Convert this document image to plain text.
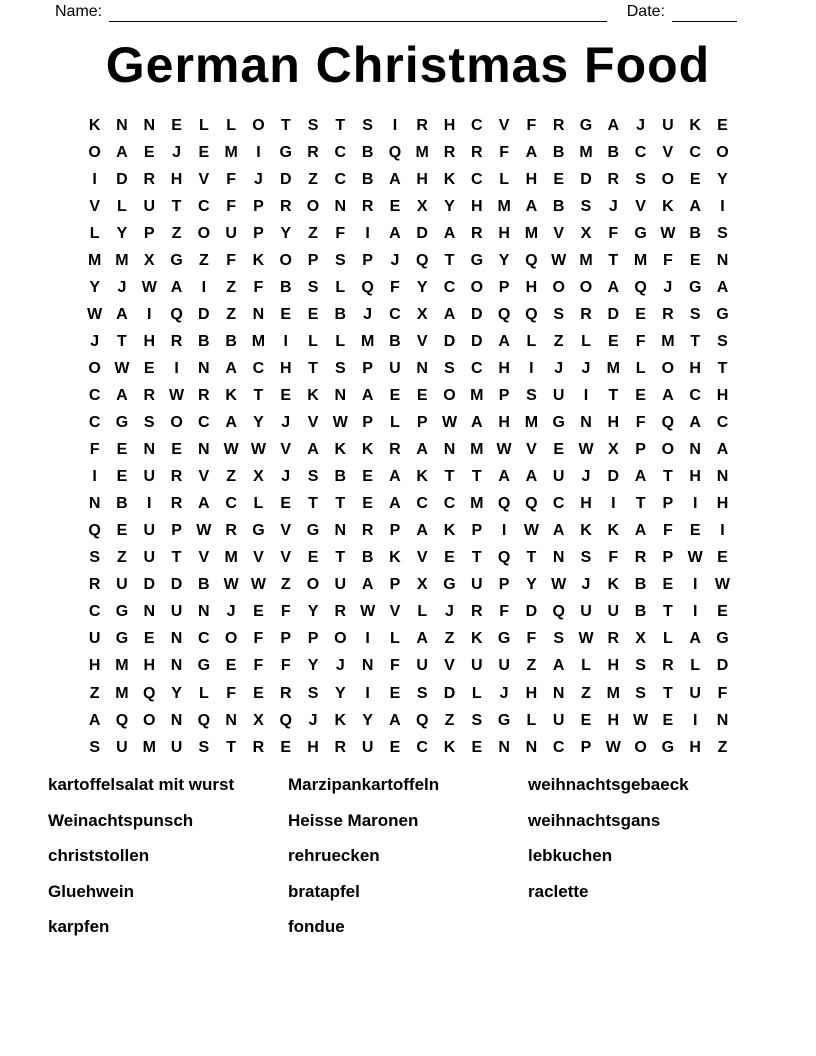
Name:	Date:
German Christmas Food
K N N	E	L	L	O	T	S	T	S	I	R H C	V	F	R G A	J	U K	E
O A	E	J	E M	I	G R C B Q M R R	F	A B M B C	V	C O
I	D R H	V	F	J	D	Z	C B A H K C	L	H	E	D R	S O E	Y
V	L	U	T	C	F	P	R O N R	E	X	Y	H M A B	S	J	V	K A	I
L	Y	P	Z	O U	P	Y	Z	F	I	A D A R H M V	X	F	G W B	S
M M X G	Z	F	K O P	S	P	J	Q	T	G Y Q W M T M F	E	N
Y	J W A	I	Z	F	B	S	L	Q	F	Y	C O P	H O O A Q	J	G A
W A	I	Q D	Z	N	E	E	B	J	C	X	A D Q Q S	R D	E	R	S G
J	T	H R B B M	I	L	L M B	V	D D A	L	Z	L	E	F M T	S
O W E	I	N A C H	T	S	P	U N	S	C H	I	J	J	M L	O H	T
C A R W R K	T	E	K N A	E	E O M P	S	U	I	T	E	A C H
C G S O C A	Y	J	V W P	L	P W A H M G N H	F	Q A C
F	E	N	E	N W W V	A K K R A N M W V	E W X	P O N A
I	E	U R	V	Z	X	J	S	B	E	A K	T	T	A A U	J	D A	T	H N
N B	I	R A C	L	E	T	T	E	A C C M Q Q C H	I	T	P	I	H
Q E	U	P W R G V G N R	P	A K	P	I	W A K K A	F	E	I
S	Z	U	T	V M V	V	E	T	B K	V	E	T	Q	T	N	S	F	R	P W E
R U D D B W W Z	O U A	P	X G U	P	Y W J	K B	E	I	W
C G N U N	J	E	F	Y	R W V	L	J	R	F	D Q U U B	T	I	E
U G E	N C O	F	P	P O	I	L	A	Z	K G	F	S W R	X	L	A G
H M H N G E	F	F	Y	J	N	F	U	V	U U	Z	A	L	H	S	R	L	D
Z M Q Y	L	F	E	R	S	Y	I	E	S	D	L	J	H N	Z M S	T	U	F
A Q O N Q N	X Q	J	K	Y	A Q	Z	S G	L	U	E	H W E	I	N
S	U M U	S	T	R	E	H R U	E	C K	E	N N C	P W O G H	Z
kartoffelsalat mit wurst
Weinachtspunsch
christstollen
Gluehwein
karpfen
Marzipankartoffeln
Heisse Maronen
rehruecken
bratapfel
fondue
weihnachtsgebaeck
weihnachtsgans
lebkuchen
raclette
